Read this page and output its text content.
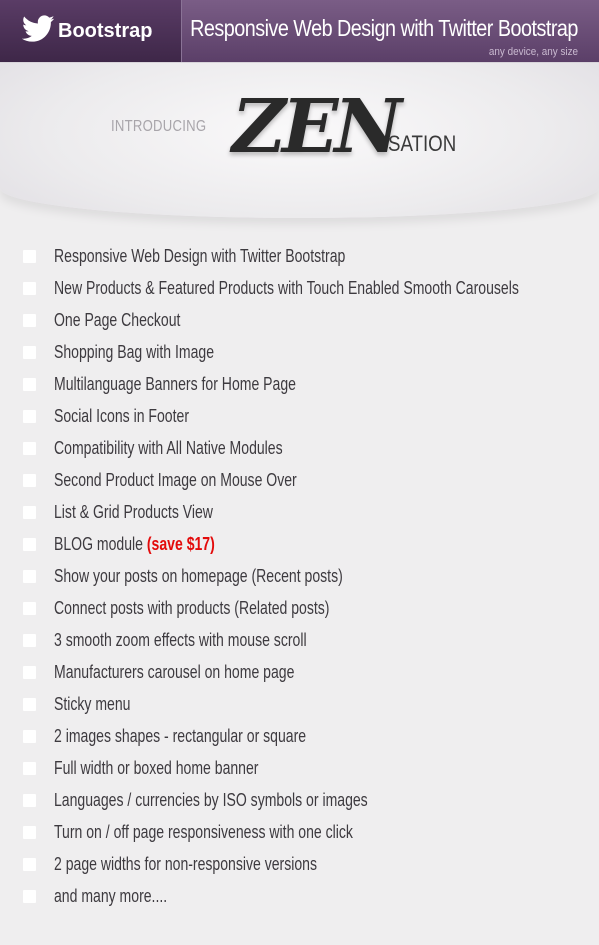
Bootstrap Responsive Web Design with Twitter Bootstrap
any device, any size
INTRODUCING ZEN
SATION
Responsive Web Design with Twitter Bootstrap
New Products & Featured Products with Touch Enabled Smooth Carousels
One Page Checkout
Shopping Bag with Image
Multilanguage Banners for Home Page
Social Icons in Footer
Compatibility with All Native Modules
Second Product Image on Mouse Over
List & Grid Products View
BLOG module (save $17)
Show your posts on homepage (Recent posts)
Connect posts with products (Related posts)
3 smooth zoom effects with mouse scroll
Manufacturers carousel on home page
Sticky menu
2 images shapes - rectangular or square
Full width or boxed home banner
Languages / currencies by ISO symbols or images
Turn on / off page responsiveness with one click
2 page widths for non-responsive versions
and many more....
